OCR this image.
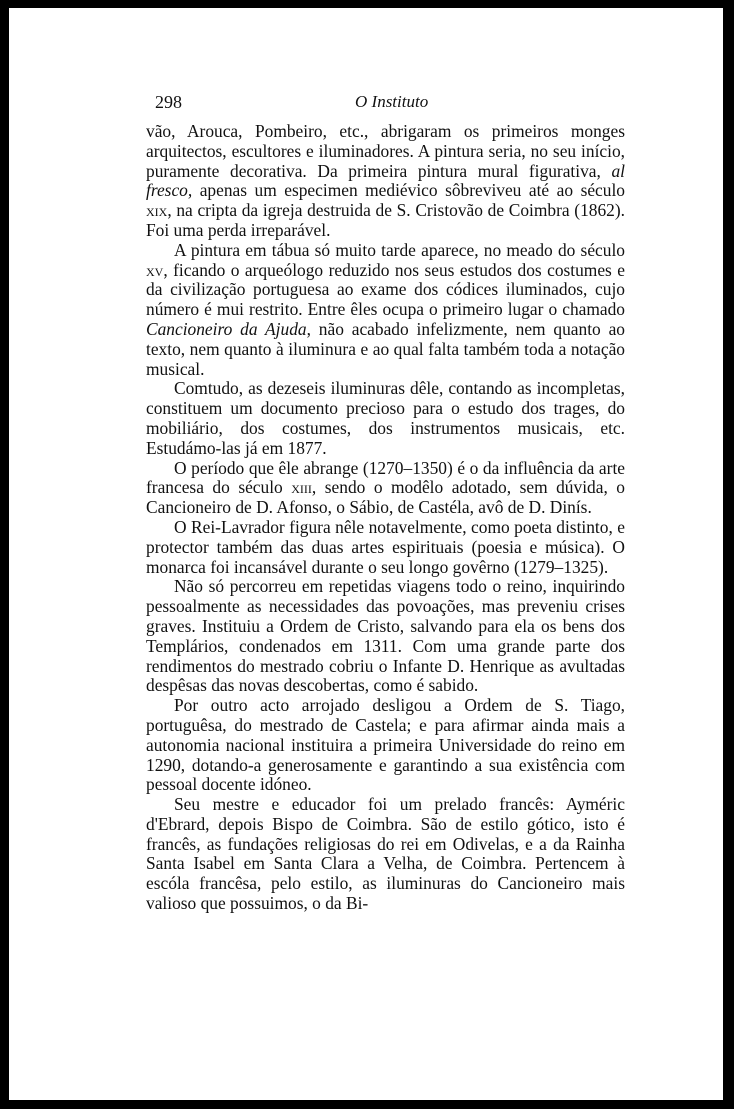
298	O Instituto

vão, Arouca, Pombeiro, etc., abrigaram os primeiros monges arquitectos, escultores e iluminadores. A pintura seria, no seu início, puramente decorativa. Da primeira pintura mural figurativa, al fresco, apenas um especimen mediévico sôbreviveu até ao século xix, na cripta da igreja destruida de S. Cristovão de Coimbra (1862). Foi uma perda irreparável.

A pintura em tábua só muito tarde aparece, no meado do século xv, ficando o arqueólogo reduzido nos seus estudos dos costumes e da civilização portuguesa ao exame dos códices iluminados, cujo número é mui restrito. Entre êles ocupa o primeiro lugar o chamado Cancioneiro da Ajuda, não acabado infelizmente, nem quanto ao texto, nem quanto à iluminura e ao qual falta também toda a notação musical.

Comtudo, as dezeseis iluminuras dêle, contando as incompletas, constituem um documento precioso para o estudo dos trages, do mobiliário, dos costumes, dos instrumentos musicais, etc. Estudámo-las já em 1877.

O período que êle abrange (1270–1350) é o da influência da arte francesa do século xiii, sendo o modêlo adotado, sem dúvida, o Cancioneiro de D. Afonso, o Sábio, de Castéla, avô de D. Dinís.

O Rei-Lavrador figura nêle notavelmente, como poeta distinto, e protector também das duas artes espirituais (poesia e música). O monarca foi incansável durante o seu longo govêrno (1279–1325).

Não só percorreu em repetidas viagens todo o reino, inquirindo pessoalmente as necessidades das povoações, mas preveniu crises graves. Instituiu a Ordem de Cristo, salvando para ela os bens dos Templários, condenados em 1311. Com uma grande parte dos rendimentos do mestrado cobriu o Infante D. Henrique as avultadas despêsas das novas descobertas, como é sabido.

Por outro acto arrojado desligou a Ordem de S. Tiago, portuguêsa, do mestrado de Castela; e para afirmar ainda mais a autonomia nacional instituira a primeira Universidade do reino em 1290, dotando-a generosamente e garantindo a sua existência com pessoal docente idóneo.

Seu mestre e educador foi um prelado francês: Ayméric d'Ebrard, depois Bispo de Coimbra. São de estilo gótico, isto é francês, as fundações religiosas do rei em Odivelas, e a da Rainha Santa Isabel em Santa Clara a Velha, de Coimbra. Pertencem à escóla francêsa, pelo estilo, as iluminuras do Cancioneiro mais valioso que possuimos, o da Bi-
